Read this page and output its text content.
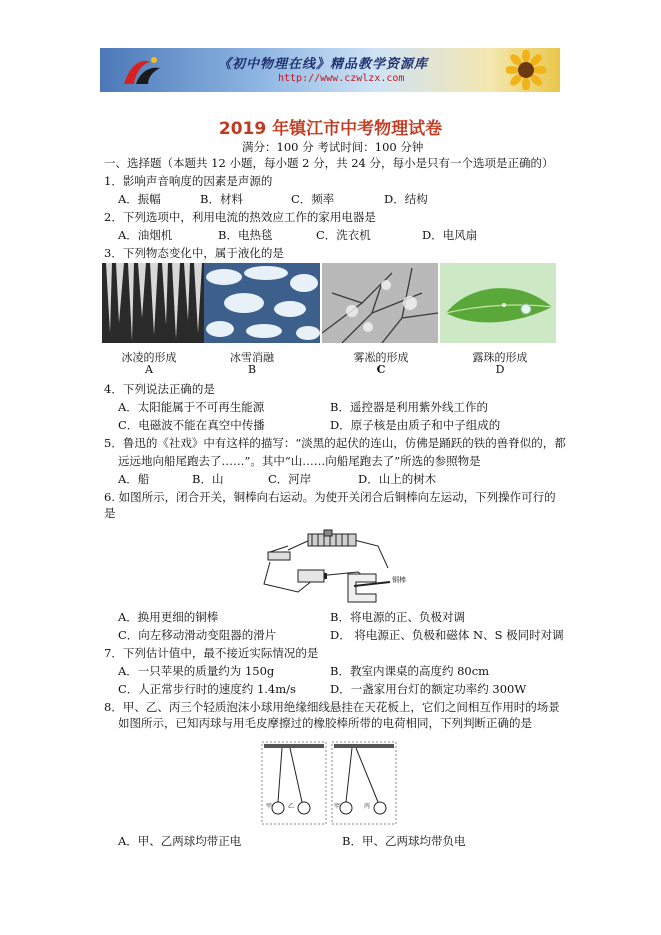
《初中物理在线》精品教学资源库
http://www.czwlzx.com
2019 年镇江市中考物理试卷
满分：100 分 考试时间：100 分钟
一、选择题（本题共 12 小题，每小题 2 分，共 24 分，每小是只有一个选项是正确的）
1．影响声音响度的因素是声源的
A．振幅	B．材料	C．频率	D．结构
2．下列选项中，利用电流的热效应工作的家用电器是
A．油烟机	B．电热毯	C．洗衣机	D．电风扇
3．下列物态变化中，属于液化的是
冰凌的形成	冰雪消融	雾凇的形成	露珠的形成
A	B	C	D
4．下列说法正确的是
A．太阳能属于不可再生能源	B．遥控器是利用紫外线工作的
C．电磁波不能在真空中传播	D．原子核是由质子和中子组成的
5．鲁迅的《社戏》中有这样的描写：“淡黑的起伏的连山，仿佛是踊跃的铁的兽脊似的，都
远远地向船尾跑去了……”。其中“山……向船尾跑去了”所选的参照物是
A．船	B．山	C．河岸	D．山上的树木
6. 如图所示，闭合开关，铜棒向右运动。为使开关闭合后铜棒向左运动，下列操作可行的
是
铜棒
A．换用更细的铜棒	B．将电源的正、负极对调
C．向左移动滑动变阻器的滑片	D． 将电源正、负极和磁体 N、S 极同时对调
7．下列估计值中，最不接近实际情况的是
A．一只苹果的质量约为 150g	B．教室内课桌的高度约 80cm
C．人正常步行时的速度约 1.4m/s	D．一盏家用台灯的额定功率约 300W
8．甲、乙、丙三个轻质泡沫小球用绝缘细线悬挂在天花板上，它们之间相互作用时的场景
如图所示，已知丙球与用毛皮摩擦过的橡胶棒所带的电荷相同，下列判断正确的是
甲	乙	甲	丙
A．甲、乙两球均带正电	B．甲、乙两球均带负电
